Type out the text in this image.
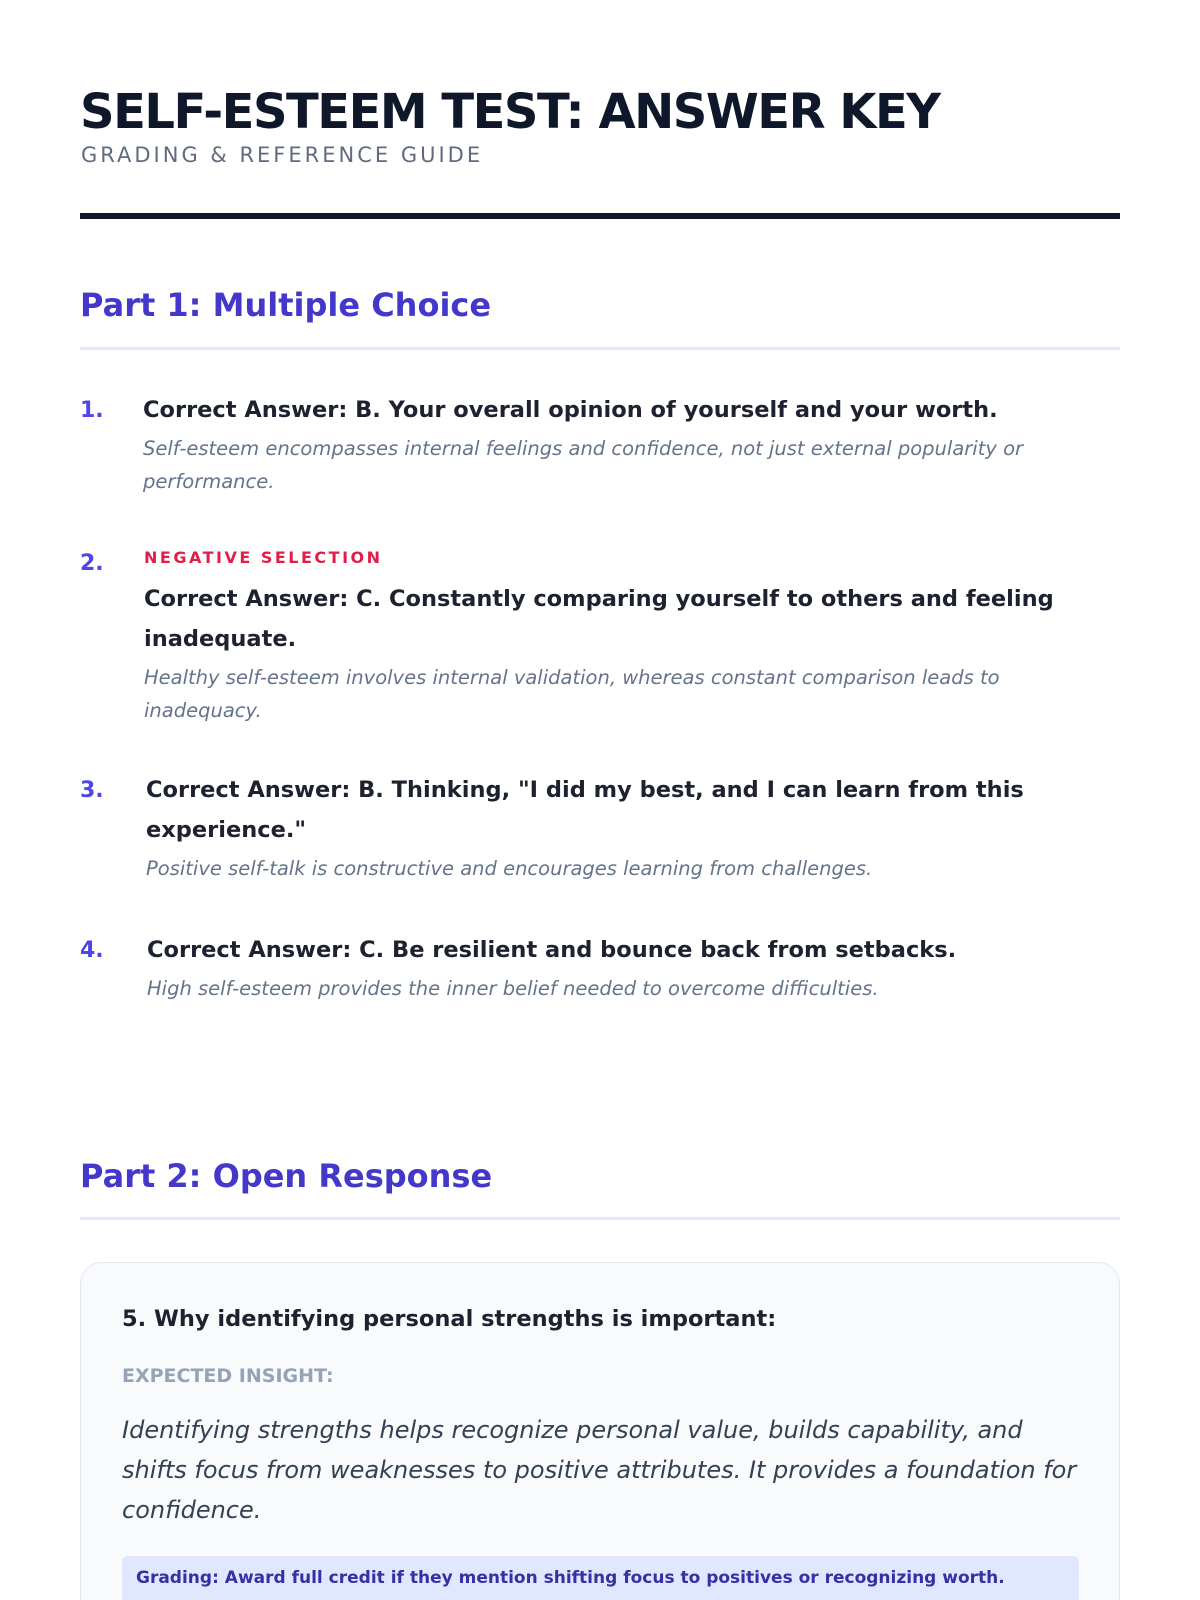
SELF-ESTEEM TEST: ANSWER KEY
GRADING & REFERENCE GUIDE
Part 1: Multiple Choice
1. Correct Answer: B. Your overall opinion of yourself and your worth.
Self-esteem encompasses internal feelings and confidence, not just external popularity or performance.
2.	NEGATIVE SELECTION
Correct Answer: C. Constantly comparing yourself to others and feeling inadequate.
Healthy self-esteem involves internal validation, whereas constant comparison leads to inadequacy.
3. Correct Answer: B. Thinking, "I did my best, and I can learn from this experience."
Positive self-talk is constructive and encourages learning from challenges.
4. Correct Answer: C. Be resilient and bounce back from setbacks.
High self-esteem provides the inner belief needed to overcome difficulties.
Part 2: Open Response
5. Why identifying personal strengths is important:
EXPECTED INSIGHT:
Identifying strengths helps recognize personal value, builds capability, and shifts focus from weaknesses to positive attributes. It provides a foundation for confidence.
Grading: Award full credit if they mention shifting focus to positives or recognizing worth.
